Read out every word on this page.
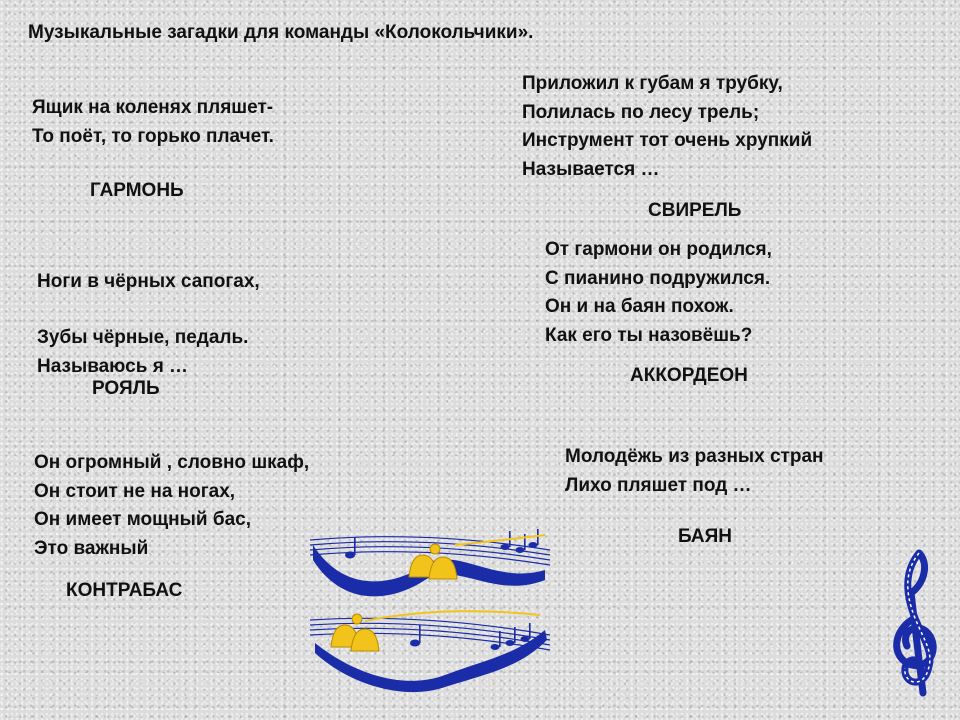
Музыкальные загадки для команды «Колокольчики».
Ящик на коленях пляшет-
То поёт, то горько плачет.
ГАРМОНЬ
Приложил к губам я трубку,
Полилась по лесу трель;
Инструмент тот очень хрупкий
Называется …
СВИРЕЛЬ
Ноги в чёрных сапогах,
Зубы чёрные, педаль.
Называюсь я …
РОЯЛЬ
От гармони он родился,
С пианино подружился.
Он и на баян похож.
Как его ты назовёшь?
АККОРДЕОН
Он огромный , словно шкаф,
Он стоит не на ногах,
Он имеет мощный бас,
Это важный
КОНТРАБАС
Молодёжь из разных стран
Лихо пляшет под …
БАЯН
